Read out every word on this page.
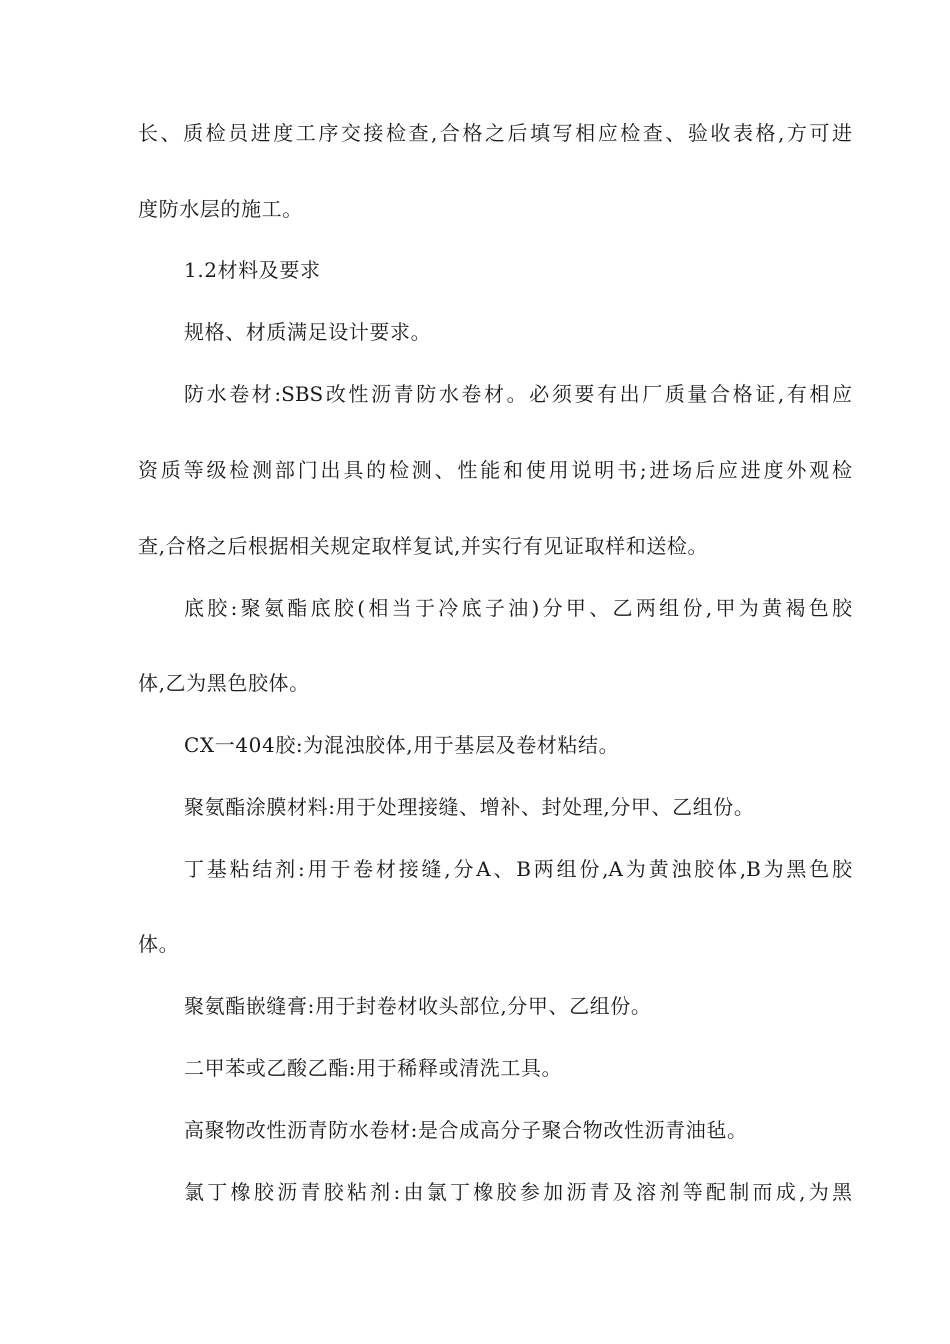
长、质检员进度工序交接检查,合格之后填写相应检查、验收表格,方可进
度防水层的施工。
1.2材料及要求
规格、材质满足设计要求。
防水卷材:SBS改性沥青防水卷材。必须要有出厂质量合格证,有相应
资质等级检测部门出具的检测、性能和使用说明书;进场后应进度外观检
查,合格之后根据相关规定取样复试,并实行有见证取样和送检。
底胶:聚氨酯底胶(相当于冷底子油)分甲、乙两组份,甲为黄褐色胶
体,乙为黑色胶体。
CX一404胶:为混浊胶体,用于基层及卷材粘结。
聚氨酯涂膜材料:用于处理接缝、增补、封处理,分甲、乙组份。
丁基粘结剂:用于卷材接缝,分A、B两组份,A为黄浊胶体,B为黑色胶
体。
聚氨酯嵌缝膏:用于封卷材收头部位,分甲、乙组份。
二甲苯或乙酸乙酯:用于稀释或清洗工具。
高聚物改性沥青防水卷材:是合成高分子聚合物改性沥青油毡。
氯丁橡胶沥青胶粘剂:由氯丁橡胶参加沥青及溶剂等配制而成,为黑
